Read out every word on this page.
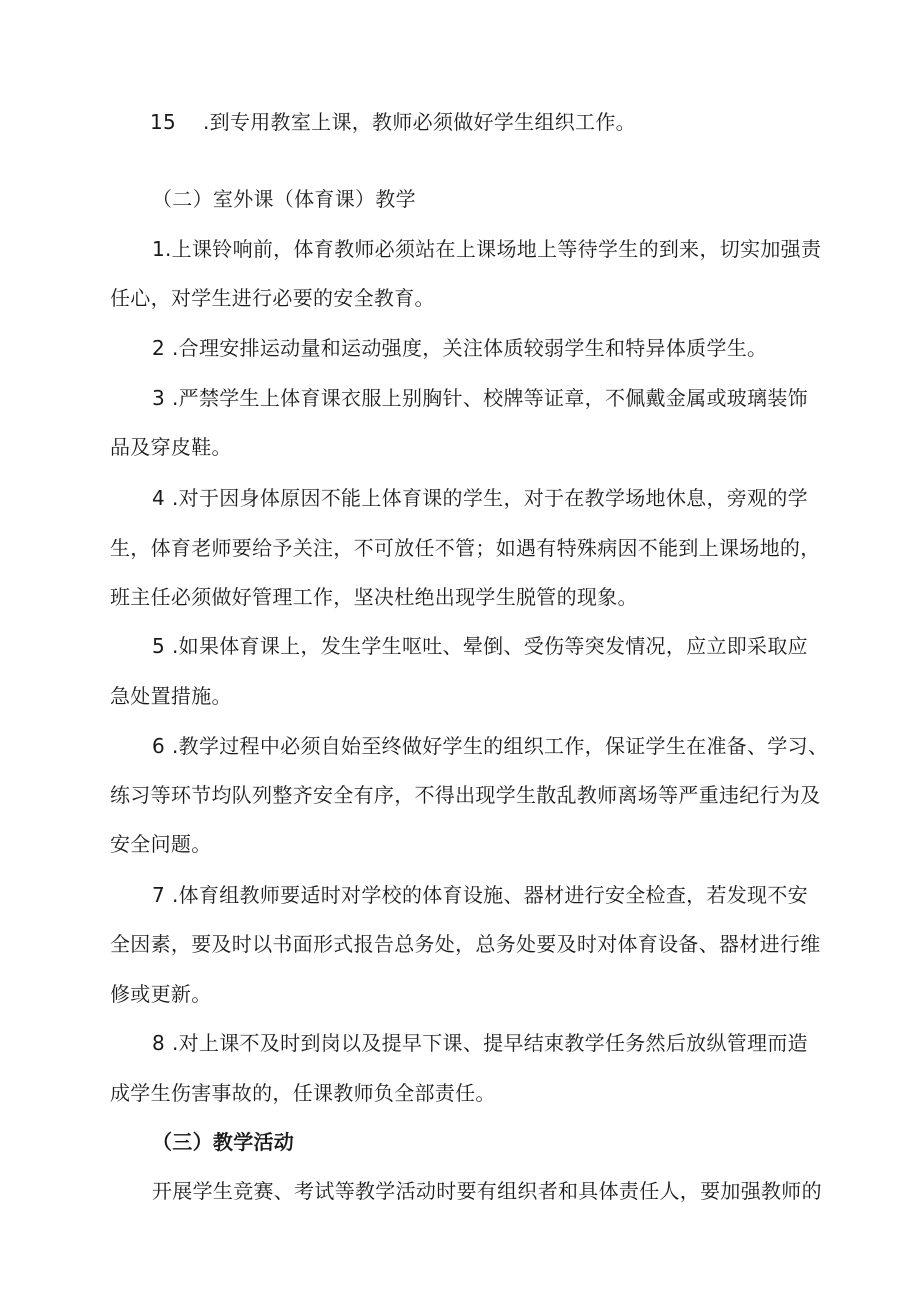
15 .到专用教室上课，教师必须做好学生组织工作。
（二）室外课（体育课）教学
1.上课铃响前，体育教师必须站在上课场地上等待学生的到来，切实加强责
任心，对学生进行必要的安全教育。
2 .合理安排运动量和运动强度，关注体质较弱学生和特异体质学生。
3 .严禁学生上体育课衣服上别胸针、校牌等证章，不佩戴金属或玻璃装饰
品及穿皮鞋。
4 .对于因身体原因不能上体育课的学生，对于在教学场地休息，旁观的学
生，体育老师要给予关注，不可放任不管；如遇有特殊病因不能到上课场地的，
班主任必须做好管理工作，坚决杜绝出现学生脱管的现象。
5 .如果体育课上，发生学生呕吐、晕倒、受伤等突发情况，应立即采取应
急处置措施。
6 .教学过程中必须自始至终做好学生的组织工作，保证学生在准备、学习、
练习等环节均队列整齐安全有序，不得出现学生散乱教师离场等严重违纪行为及
安全问题。
7 .体育组教师要适时对学校的体育设施、器材进行安全检查，若发现不安
全因素，要及时以书面形式报告总务处，总务处要及时对体育设备、器材进行维
修或更新。
8 .对上课不及时到岗以及提早下课、提早结束教学任务然后放纵管理而造
成学生伤害事故的，任课教师负全部责任。
（三）教学活动
开展学生竞赛、考试等教学活动时要有组织者和具体责任人，要加强教师的
